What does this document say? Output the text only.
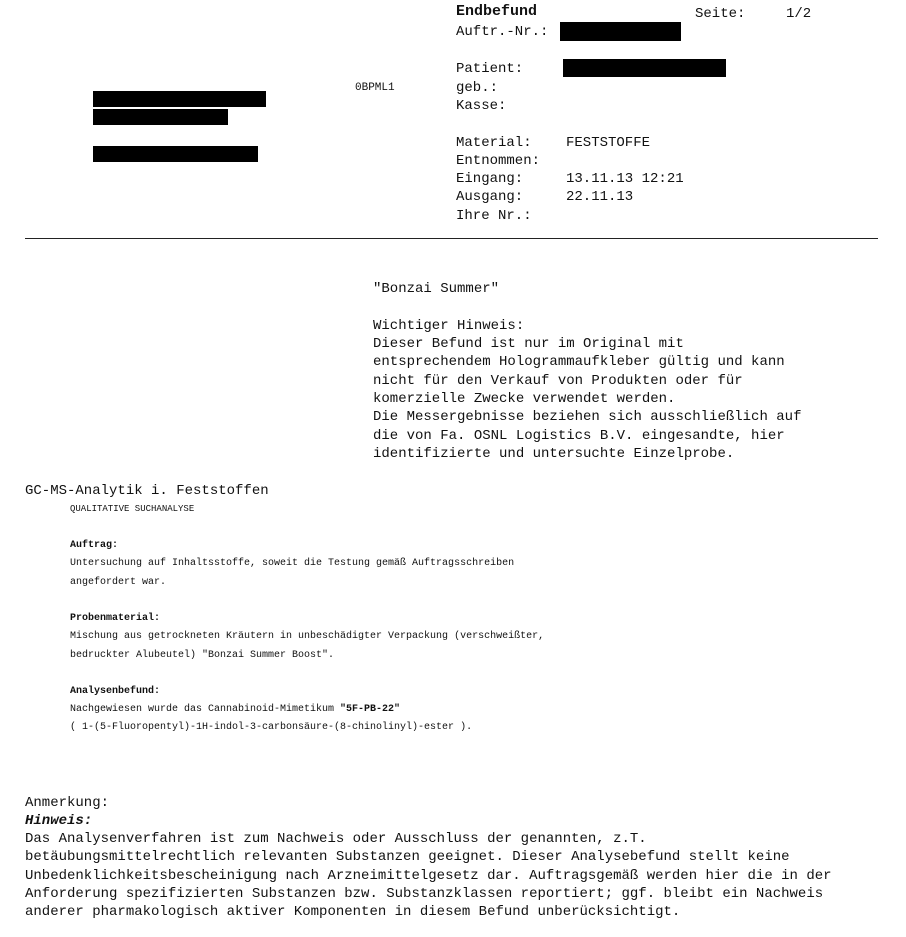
Endbefund	Seite:	1/2
Auftr.-Nr.:
Patient:
geb.:
Kasse:
0BPML1
Material: FESTSTOFFE
Entnommen:
Eingang:	13.11.13 12:21
Ausgang:	22.11.13
Ihre Nr.:
"Bonzai Summer"
Wichtiger Hinweis:
Dieser Befund ist nur im Original mit
entsprechendem Hologrammaufkleber gültig und kann
nicht für den Verkauf von Produkten oder für
komerzielle Zwecke verwendet werden.
Die Messergebnisse beziehen sich ausschließlich auf
die von Fa. OSNL Logistics B.V. eingesandte, hier
identifizierte und untersuchte Einzelprobe.
GC-MS-Analytik i. Feststoffen
QUALITATIVE SUCHANALYSE
Auftrag:
Untersuchung auf Inhaltsstoffe, soweit die Testung gemäß Auftragsschreiben
angefordert war.
Probenmaterial:
Mischung aus getrockneten Kräutern in unbeschädigter Verpackung (verschweißter,
bedruckter Alubeutel) "Bonzai Summer Boost".
Analysenbefund:
Nachgewiesen wurde das Cannabinoid-Mimetikum "5F-PB-22"
( 1-(5-Fluoropentyl)-1H-indol-3-carbonsäure-(8-chinolinyl)-ester ).
Anmerkung:
Hinweis:

Das Analysenverfahren ist zum Nachweis oder Ausschluss der genannten, z.T. betäubungsmittelrechtlich relevanten Substanzen geeignet. Dieser Analysebefund stellt keine Unbedenklichkeitsbescheinigung nach Arzneimittelgesetz dar. Auftragsgemäß werden hier die in der Anforderung spezifizierten Substanzen bzw. Substanzklassen reportiert; ggf. bleibt ein Nachweis anderer pharmakologisch aktiver Komponenten in diesem Befund unberücksichtigt.
